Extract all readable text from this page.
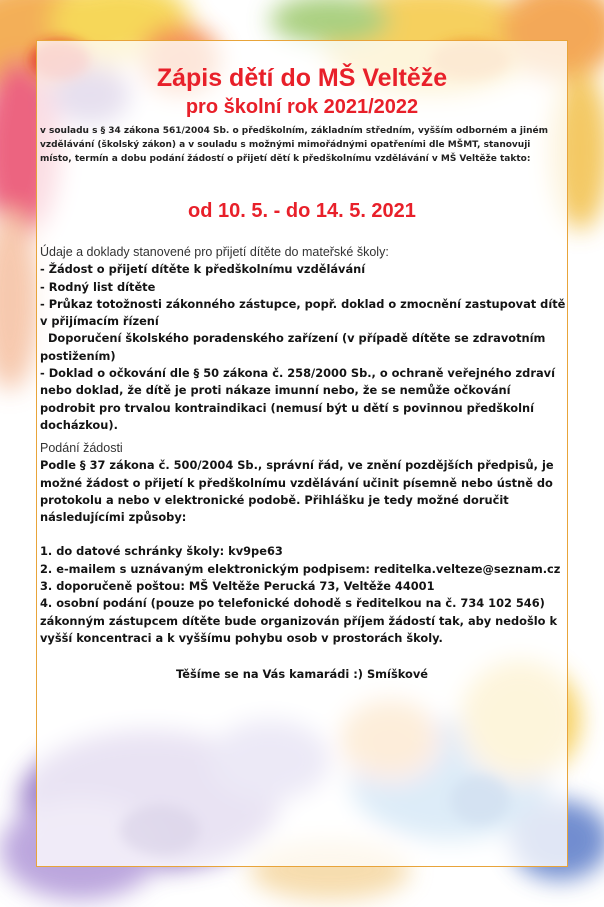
Zápis dětí do MŠ Veltěže
pro školní rok 2021/2022
v souladu s § 34 zákona 561/2004 Sb. o předškolním, základním středním, vyšším odborném a jiném vzdělávání (školský zákon) a v souladu s možnými mimořádnými opatřeními dle MŠMT, stanovuji místo, termín a dobu podání žádostí o přijetí dětí k předškolnímu vzdělávání v MŠ Veltěže takto:
od 10. 5. - do 14. 5. 2021
Údaje a doklady stanovené pro přijetí dítěte do mateřské školy:
- Žádost o přijetí dítěte k předškolnímu vzdělávání
- Rodný list dítěte
- Průkaz totožnosti zákonného zástupce, popř. doklad o zmocnění zastupovat dítě v přijímacím řízení
Doporučení školského poradenského zařízení (v případě dítěte se zdravotním postižením)
- Doklad o očkování dle § 50 zákona č. 258/2000 Sb., o ochraně veřejného zdraví nebo doklad, že dítě je proti nákaze imunní nebo, že se nemůže očkování podrobit pro trvalou kontraindikaci (nemusí být u dětí s povinnou předškolní docházkou).
Podání žádosti
Podle § 37 zákona č. 500/2004 Sb., správní řád, ve znění pozdějších předpisů, je možné žádost o přijetí k předškolnímu vzdělávání učinit písemně nebo ústně do protokolu a nebo v elektronické podobě. Přihlášku je tedy možné doručit následujícími způsoby:
1. do datové schránky školy: kv9pe63
2. e-mailem s uznávaným elektronickým podpisem: reditelka.velteze@seznam.cz
3. doporučeně poštou: MŠ Veltěže Perucká 73, Veltěže 44001
4. osobní podání (pouze po telefonické dohodě s ředitelkou na č. 734 102 546) zákonným zástupcem dítěte bude organizován příjem žádostí tak, aby nedošlo k vyšší koncentraci a k vyššímu pohybu osob v prostorách školy.
Těšíme se na Vás kamarádi :) Smíškové
